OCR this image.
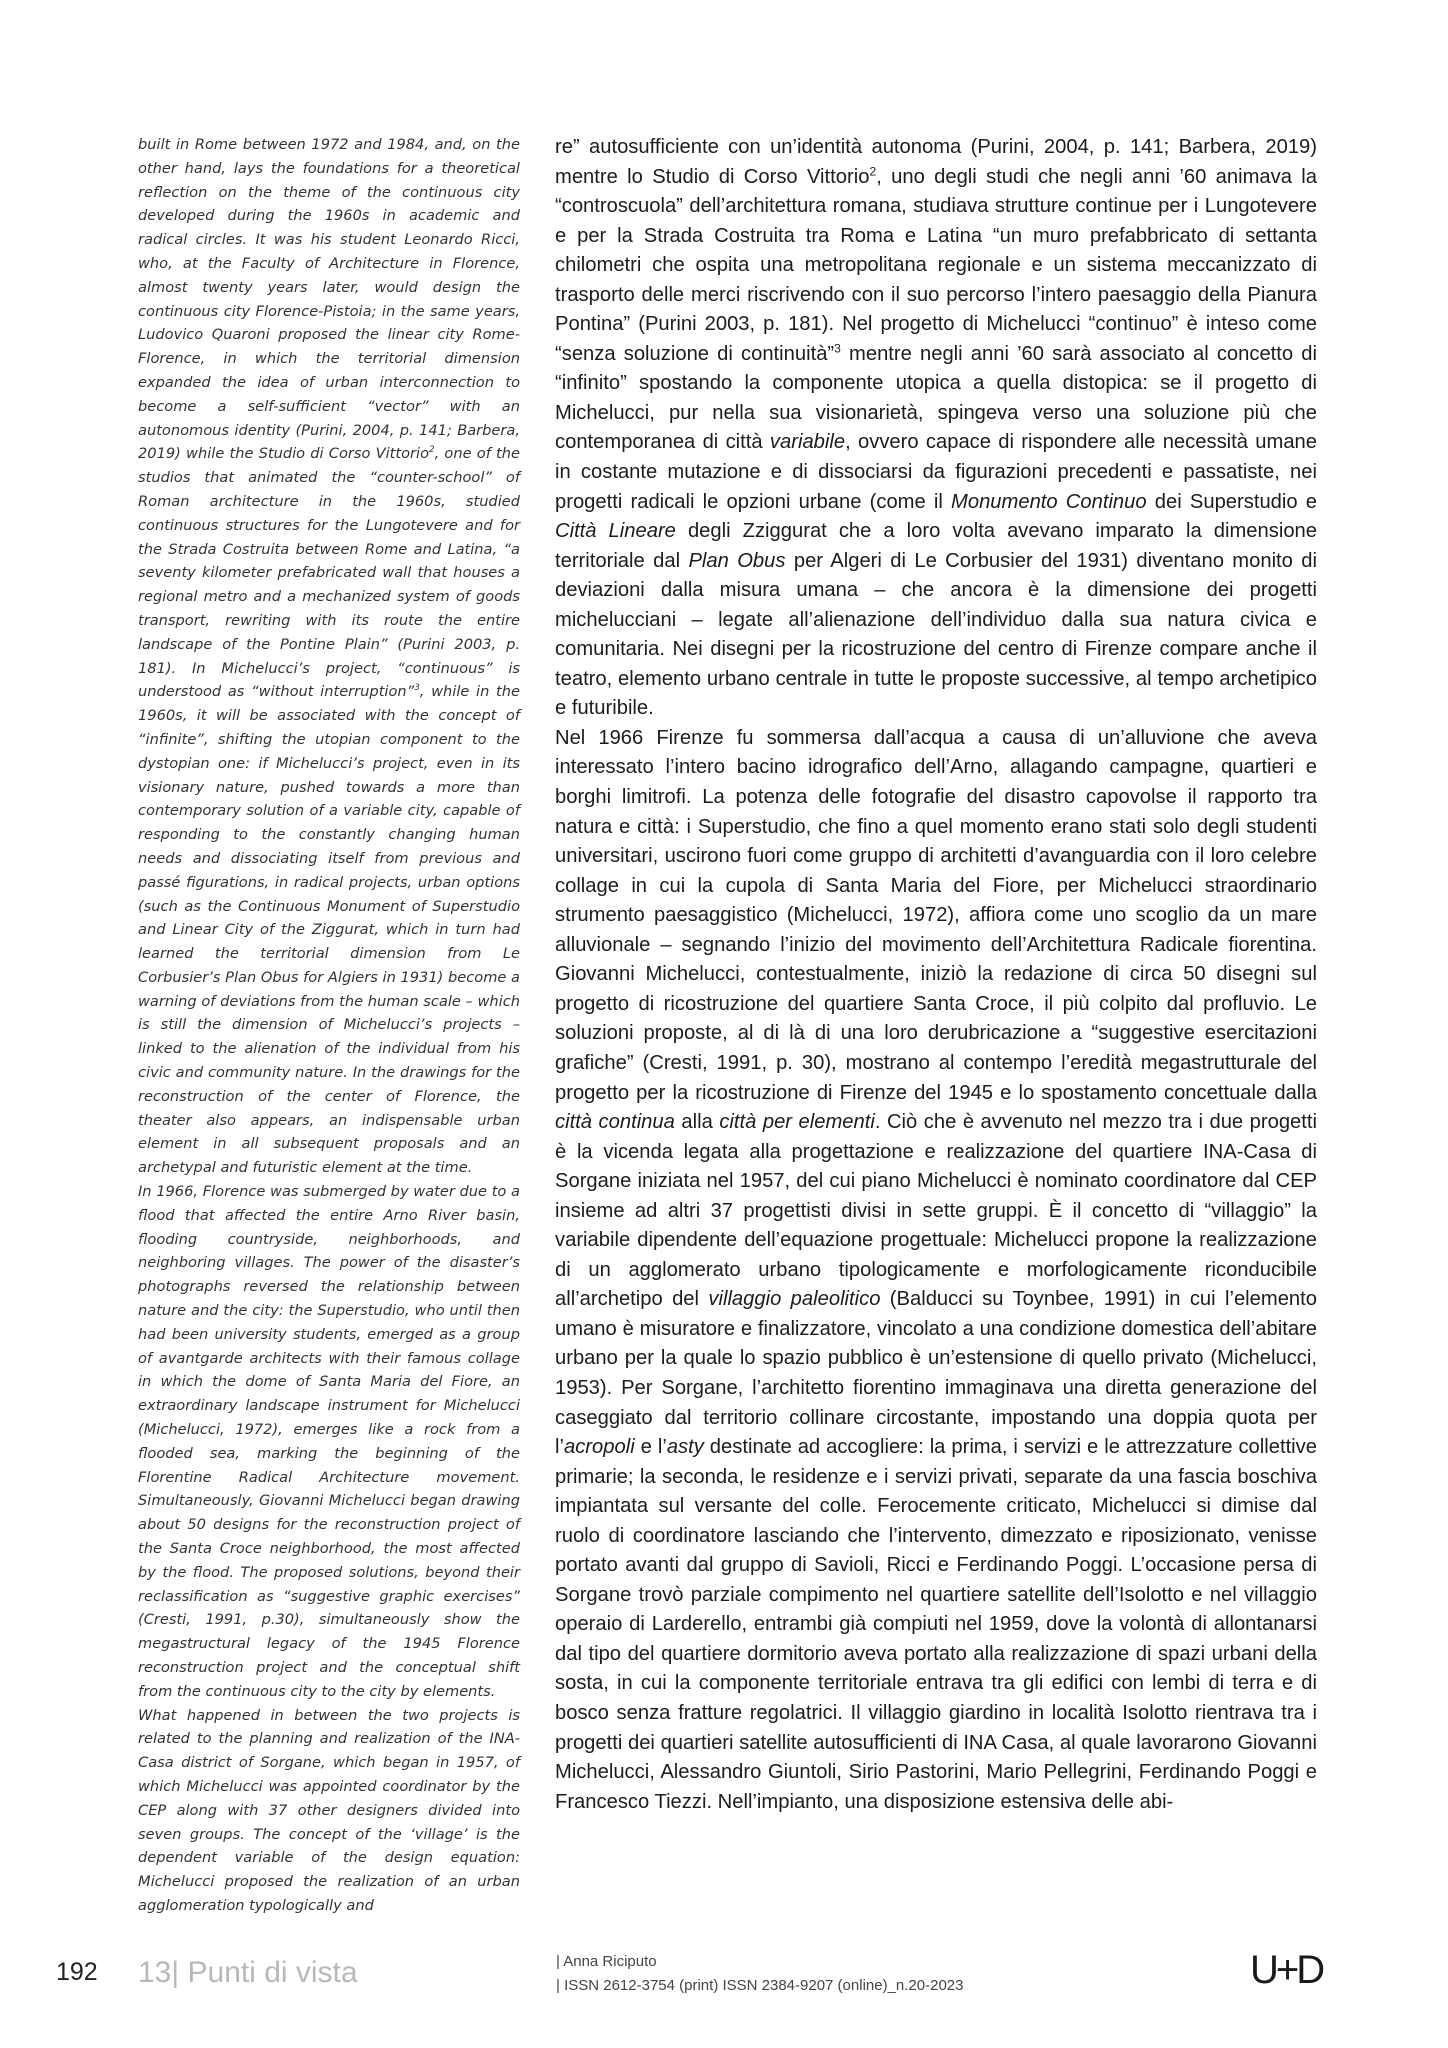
built in Rome between 1972 and 1984, and, on the other hand, lays the foundations for a theoretical reflection on the theme of the continuous city developed during the 1960s in academic and radical circles. It was his student Leonardo Ricci, who, at the Faculty of Architecture in Florence, almost twenty years later, would design the continuous city Florence-Pistoia; in the same years, Ludovico Quaroni proposed the linear city Rome-Florence, in which the territorial dimension expanded the idea of urban interconnection to become a self-sufficient “vector” with an autonomous identity (Purini, 2004, p. 141; Barbera, 2019) while the Studio di Corso Vittorio$^2$, one of the studios that animated the “counter-school” of Roman architecture in the 1960s, studied continuous structures for the Lungotevere and for the Strada Costruita between Rome and Latina, “a seventy kilometer prefabricated wall that houses a regional metro and a mechanized system of goods transport, rewriting with its route the entire landscape of the Pontine Plain” (Purini 2003, p. 181). In Michelucci’s project, “continuous” is understood as “without interruption”$^3$, while in the 1960s, it will be associated with the concept of “infinite”, shifting the utopian component to the dystopian one: if Michelucci’s project, even in its visionary nature, pushed towards a more than contemporary solution of a variable city, capable of responding to the constantly changing human needs and dissociating itself from previous and passé figurations, in radical projects, urban options (such as the Continuous Monument of Superstudio and Linear City of the Ziggurat, which in turn had learned the territorial dimension from Le Corbusier’s Plan Obus for Algiers in 1931) become a warning of deviations from the human scale – which is still the dimension of Michelucci’s projects – linked to the alienation of the individual from his civic and community nature. In the drawings for the reconstruction of the center of Florence, the theater also appears, an indispensable urban element in all subsequent proposals and an archetypal and futuristic element at the time.

In 1966, Florence was submerged by water due to a flood that affected the entire Arno River basin, flooding countryside, neighborhoods, and neighboring villages. The power of the disaster’s photographs reversed the relationship between nature and the city: the Superstudio, who until then had been university students, emerged as a group of avantgarde architects with their famous collage in which the dome of Santa Maria del Fiore, an extraordinary landscape instrument for Michelucci (Michelucci, 1972), emerges like a rock from a flooded sea, marking the beginning of the Florentine Radical Architecture movement. Simultaneously, Giovanni Michelucci began drawing about 50 designs for the reconstruction project of the Santa Croce neighborhood, the most affected by the flood. The proposed solutions, beyond their reclassification as “suggestive graphic exercises” (Cresti, 1991, p.30), simultaneously show the megastructural legacy of the 1945 Florence reconstruction project and the conceptual shift from the continuous city to the city by elements.

What happened in between the two projects is related to the planning and realization of the INA-Casa district of Sorgane, which began in 1957, of which Michelucci was appointed coordinator by the CEP along with 37 other designers divided into seven groups. The concept of the ‘village’ is the dependent variable of the design equation: Michelucci proposed the realization of an urban agglomeration typologically and

re” autosufficiente con un’identità autonoma (Purini, 2004, p. 141; Barbera, 2019) mentre lo Studio di Corso Vittorio$^2$, uno degli studi che negli anni ’60 animava la “controscuola” dell’architettura romana, studiava strutture continue per i Lungotevere e per la Strada Costruita tra Roma e Latina “un muro prefabbricato di settanta chilometri che ospita una metropolitana regionale e un sistema meccanizzato di trasporto delle merci riscrivendo con il suo percorso l’intero paesaggio della Pianura Pontina” (Purini 2003, p. 181). Nel progetto di Michelucci “continuo” è inteso come “senza soluzione di continuità”$^3$ mentre negli anni ’60 sarà associato al concetto di “infinito” spostando la componente utopica a quella distopica: se il progetto di Michelucci, pur nella sua visionarietà, spingeva verso una soluzione più che contemporanea di città variabile, ovvero capace di rispondere alle necessità umane in costante mutazione e di dissociarsi da figurazioni precedenti e passatiste, nei progetti radicali le opzioni urbane (come il Monumento Continuo dei Superstudio e Città Lineare degli Zziggurat che a loro volta avevano imparato la dimensione territoriale dal Plan Obus per Algeri di Le Corbusier del 1931) diventano monito di deviazioni dalla misura umana – che ancora è la dimensione dei progetti michelucciani – legate all’alienazione dell’individuo dalla sua natura civica e comunitaria. Nei disegni per la ricostruzione del centro di Firenze compare anche il teatro, elemento urbano centrale in tutte le proposte successive, al tempo archetipico e futuribile.

Nel 1966 Firenze fu sommersa dall’acqua a causa di un’alluvione che aveva interessato l’intero bacino idrografico dell’Arno, allagando campagne, quartieri e borghi limitrofi. La potenza delle fotografie del disastro capovolse il rapporto tra natura e città: i Superstudio, che fino a quel momento erano stati solo degli studenti universitari, uscirono fuori come gruppo di architetti d’avanguardia con il loro celebre collage in cui la cupola di Santa Maria del Fiore, per Michelucci straordinario strumento paesaggistico (Michelucci, 1972), affiora come uno scoglio da un mare alluvionale – segnando l’inizio del movimento dell’Architettura Radicale fiorentina. Giovanni Michelucci, contestualmente, iniziò la redazione di circa 50 disegni sul progetto di ricostruzione del quartiere Santa Croce, il più colpito dal profluvio. Le soluzioni proposte, al di là di una loro derubricazione a “suggestive esercitazioni grafiche” (Cresti, 1991, p. 30), mostrano al contempo l’eredità megastrutturale del progetto per la ricostruzione di Firenze del 1945 e lo spostamento concettuale dalla città continua alla città per elementi. Ciò che è avvenuto nel mezzo tra i due progetti è la vicenda legata alla progettazione e realizzazione del quartiere INA-Casa di Sorgane iniziata nel 1957, del cui piano Michelucci è nominato coordinatore dal CEP insieme ad altri 37 progettisti divisi in sette gruppi. È il concetto di “villaggio” la variabile dipendente dell’equazione progettuale: Michelucci propone la realizzazione di un agglomerato urbano tipologicamente e morfologicamente riconducibile all’archetipo del villaggio paleolitico (Balducci su Toynbee, 1991) in cui l’elemento umano è misuratore e finalizzatore, vincolato a una condizione domestica dell’abitare urbano per la quale lo spazio pubblico è un’estensione di quello privato (Michelucci, 1953). Per Sorgane, l’architetto fiorentino immaginava una diretta generazione del caseggiato dal territorio collinare circostante, impostando una doppia quota per l’acropoli e l’asty destinate ad accogliere: la prima, i servizi e le attrezzature collettive primarie; la seconda, le residenze e i servizi privati, separate da una fascia boschiva impiantata sul versante del colle. Ferocemente criticato, Michelucci si dimise dal ruolo di coordinatore lasciando che l’intervento, dimezzato e riposizionato, venisse portato avanti dal gruppo di Savioli, Ricci e Ferdinando Poggi. L’occasione persa di Sorgane trovò parziale compimento nel quartiere satellite dell’Isolotto e nel villaggio operaio di Larderello, entrambi già compiuti nel 1959, dove la volontà di allontanarsi dal tipo del quartiere dormitorio aveva portato alla realizzazione di spazi urbani della sosta, in cui la componente territoriale entrava tra gli edifici con lembi di terra e di bosco senza fratture regolatrici. Il villaggio giardino in località Isolotto rientrava tra i progetti dei quartieri satellite autosufficienti di INA Casa, al quale lavorarono Giovanni Michelucci, Alessandro Giuntoli, Sirio Pastorini, Mario Pellegrini, Ferdinando Poggi e Francesco Tiezzi. Nell’impianto, una disposizione estensiva delle abi-

192 13| Punti di vista	| Anna Riciputo
| ISSN 2612-3754 (print) ISSN 2384-9207 (online)_n.20-2023	U+D
